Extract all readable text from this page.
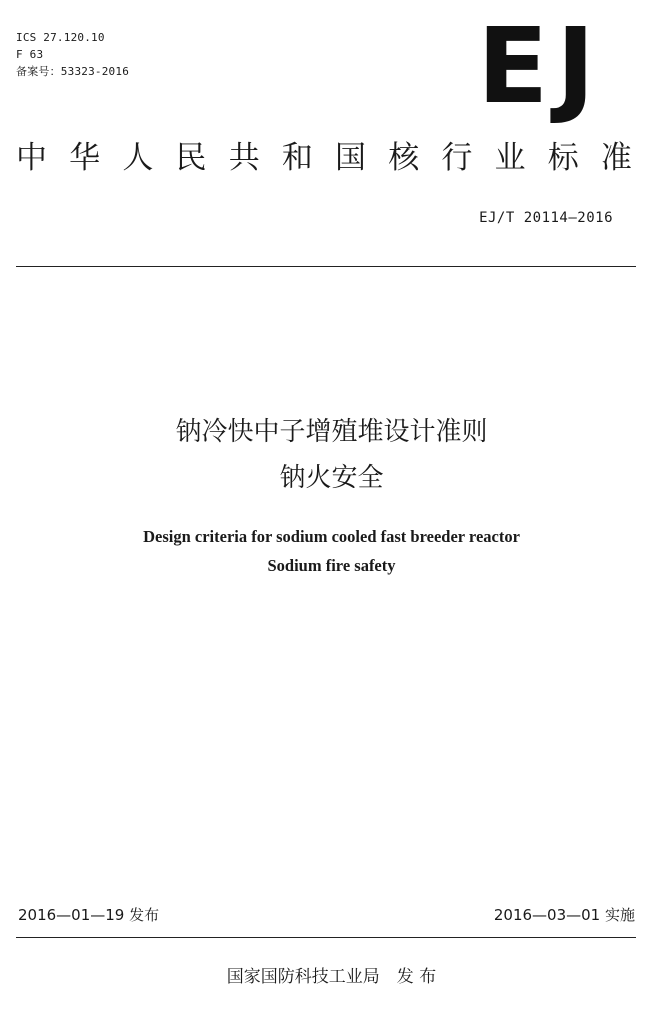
ICS 27.120.10
F 63
备案号：53323-2016	EJ
中 华 人 民 共 和 国 核 行 业 标 准
EJ/T 20114—2016
钠冷快中子增殖堆设计准则
钠火安全
Design criteria for sodium cooled fast breeder reactor
Sodium fire safety
2016—01—19 发布	2016—03—01 实施
国家国防科技工业局　发 布
